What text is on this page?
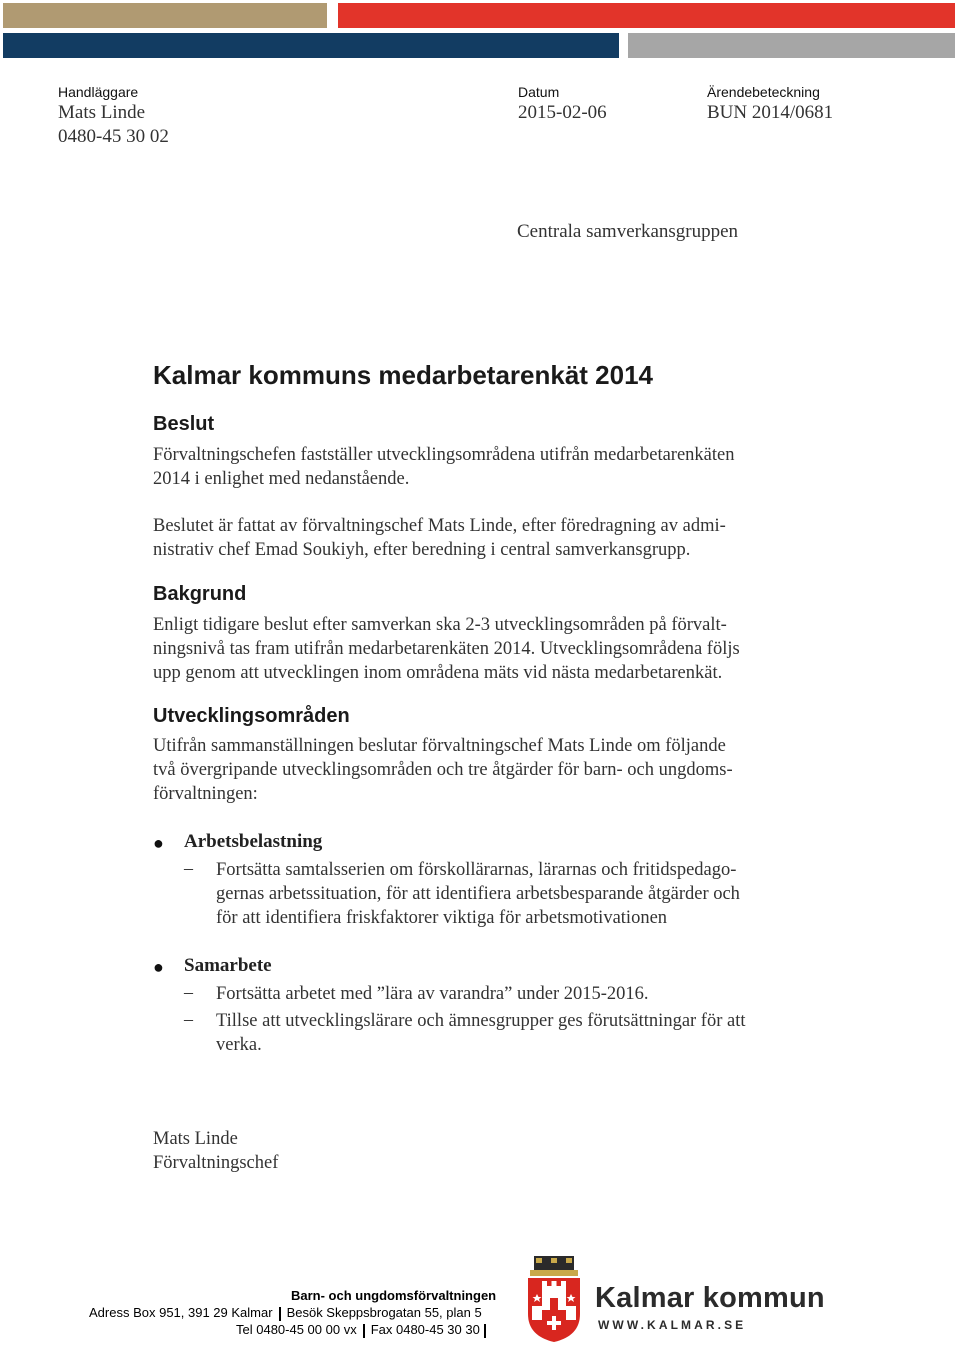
Handläggare
Mats Linde
0480-45 30 02
Datum
2015-02-06
Ärendebeteckning
BUN 2014/0681
Centrala samverkansgruppen
Kalmar kommuns medarbetarenkät 2014
Beslut
Förvaltningschefen fastställer utvecklingsområdena utifrån medarbetarenkäten
2014 i enlighet med nedanstående.
Beslutet är fattat av förvaltningschef Mats Linde, efter föredragning av admi-
nistrativ chef Emad Soukiyh, efter beredning i central samverkansgrupp.
Bakgrund
Enligt tidigare beslut efter samverkan ska 2-3 utvecklingsområden på förvalt-
ningsnivå tas fram utifrån medarbetarenkäten 2014. Utvecklingsområdena följs
upp genom att utvecklingen inom områdena mäts vid nästa medarbetarenkät.
Utvecklingsområden
Utifrån sammanställningen beslutar förvaltningschef Mats Linde om följande
två övergripande utvecklingsområden och tre åtgärder för barn- och ungdoms-
förvaltningen:
● Arbetsbelastning
– Fortsätta samtalsserien om förskollärarnas, lärarnas och fritidspedago-
gernas arbetssituation, för att identifiera arbetsbesparande åtgärder och
för att identifiera friskfaktorer viktiga för arbetsmotivationen
● Samarbete
– Fortsätta arbetet med ”lära av varandra” under 2015-2016.
– Tillse att utvecklingslärare och ämnesgrupper ges förutsättningar för att
verka.
Mats Linde
Förvaltningschef
Barn- och ungdomsförvaltningen
Adress Box 951, 391 29 Kalmar Besök Skeppsbrogatan 55, plan 5
Tel 0480-45 00 00 vx Fax 0480-45 30 30
Kalmar kommun
WWW.KALMAR.SE
